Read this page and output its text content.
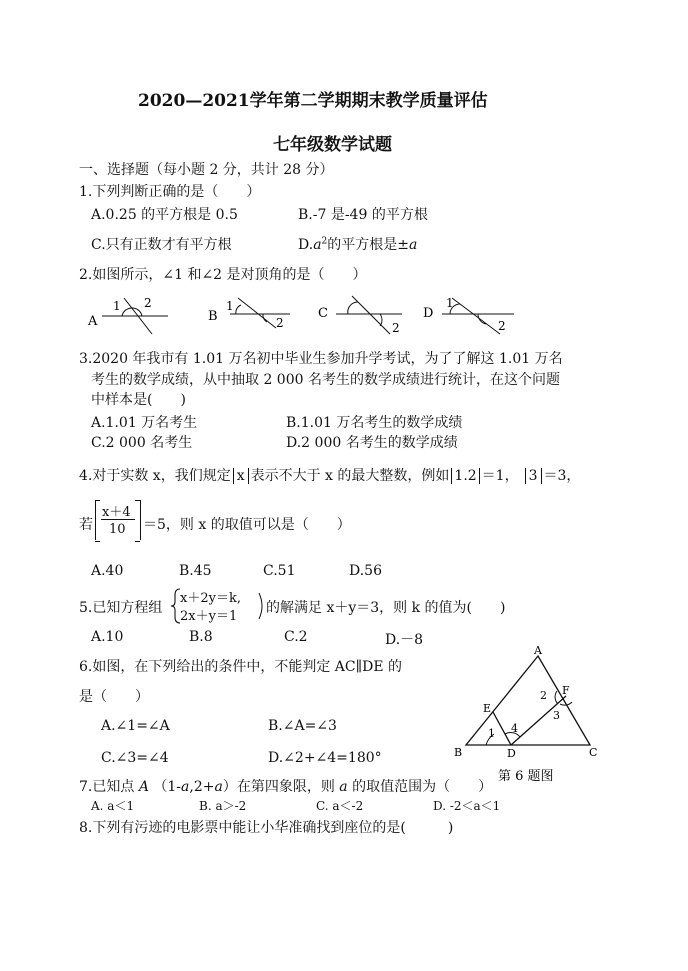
2020—2021学年第二学期期末教学质量评估
七年级数学试题
一、选择题（每小题 2 分，共计 28 分）
1.下列判断正确的是（　　）
A.0.25 的平方根是 0.5	B.-7 是-49 的平方根
C.只有正数才有平方根	$D.a^2$的平方根是±a
2.如图所示，∠1 和∠2 是对顶角的是（　　）
A
1 2
B
1
2
C
2
D
1
2
3.2020 年我市有 1.01 万名初中毕业生参加升学考试，为了了解这 1.01 万名
考生的数学成绩，从中抽取 2 000 名考生的数学成绩进行统计，在这个问题
中样本是(　　)
A.1.01 万名考生	B.1.01 万名考生的数学成绩
C.2 000 名考生	D.2 000 名考生的数学成绩
4.对于实数 x，我们规定 x 表示不大于 x 的最大整数，例如 1.2 ＝1， 3 ＝3，
若
x＋4
10 ＝5，则 x 的取值可以是（　　）
A.40	B.45	C.51	D.56
5.已知方程组
x＋2y＝k,
2x＋y＝1
的解满足 x＋y＝3，则 k 的值为(　　)
A.10	B.8	C.2	D.－8
6.如图，在下列给出的条件中，不能判定 AC∥DE 的
是（　　）
A.∠1=∠A	B.∠A=∠3
C.∠3=∠4	D.∠2+∠4=180°
A
B	C
D
E
F
1
2
3
4
第 6 题图
7.已知点 A （1-a,2+a）在第四象限，则 a 的取值范围为（　　）
A. a＜1	B. a＞-2	C. a＜-2	D. -2＜a＜1
8.下列有污迹的电影票中能让小华准确找到座位的是(　　　)
